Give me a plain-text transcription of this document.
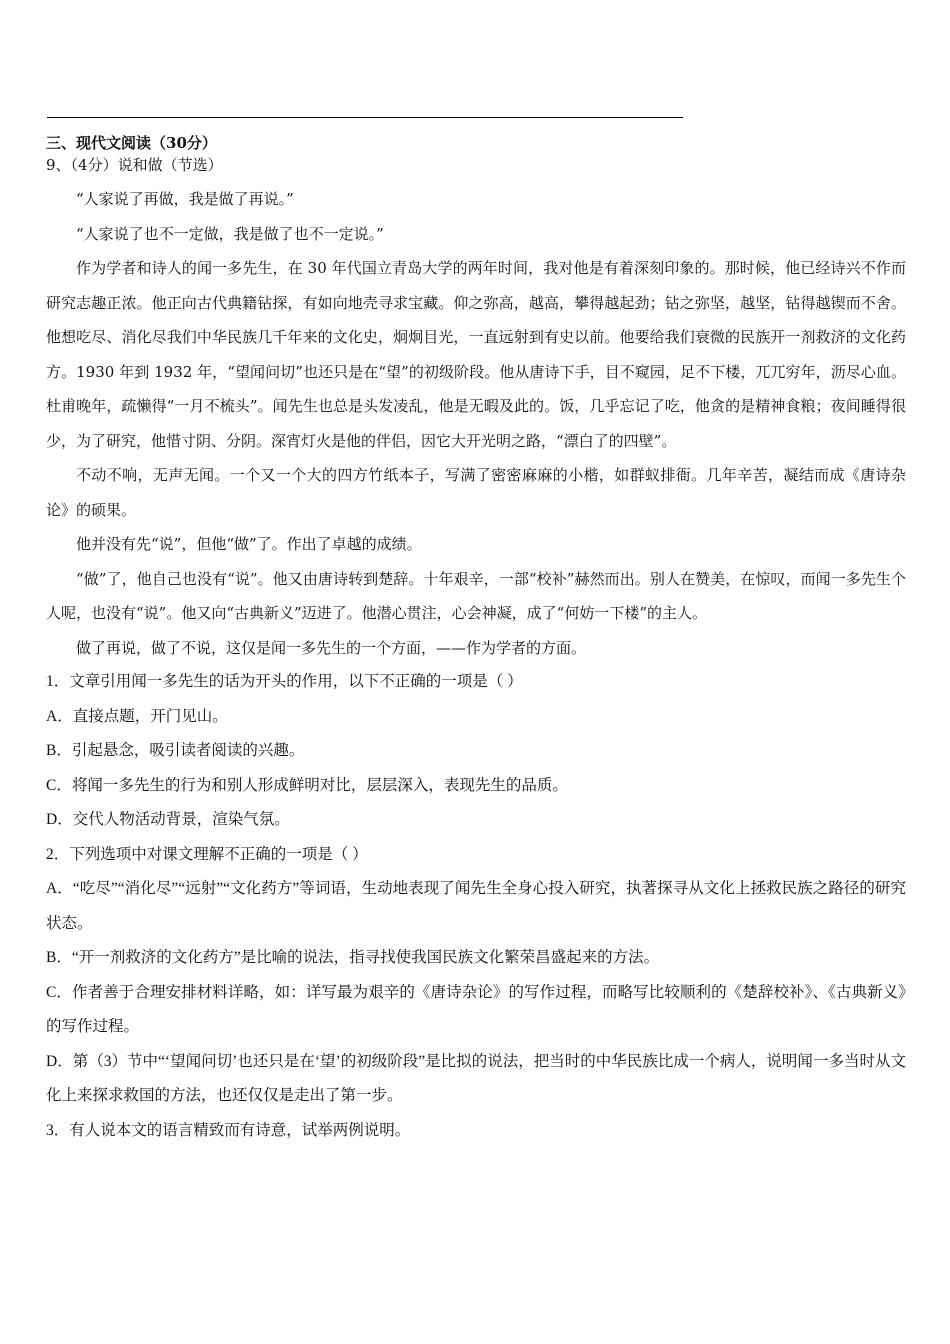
三、现代文阅读（30分）

9、（4分）说和做（节选）

“人家说了再做，我是做了再说。”

“人家说了也不一定做，我是做了也不一定说。”

作为学者和诗人的闻一多先生，在 30 年代国立青岛大学的两年时间，我对他是有着深刻印象的。那时候，他已经诗兴不作而研究志趣正浓。他正向古代典籍钻探，有如向地壳寻求宝藏。仰之弥高，越高，攀得越起劲；钻之弥坚，越坚，钻得越锲而不舍。他想吃尽、消化尽我们中华民族几千年来的文化史，炯炯目光，一直远射到有史以前。他要给我们衰微的民族开一剂救济的文化药方。1930 年到 1932 年，“望闻问切”也还只是在“望”的初级阶段。他从唐诗下手，目不窥园，足不下楼，兀兀穷年，沥尽心血。杜甫晚年，疏懒得“一月不梳头”。闻先生也总是头发凌乱，他是无暇及此的。饭，几乎忘记了吃，他贪的是精神食粮；夜间睡得很少，为了研究，他惜寸阴、分阴。深宵灯火是他的伴侣，因它大开光明之路，“漂白了的四壁”。

不动不响，无声无闻。一个又一个大的四方竹纸本子，写满了密密麻麻的小楷，如群蚁排衙。几年辛苦，凝结而成《唐诗杂论》的硕果。

他并没有先“说”，但他“做”了。作出了卓越的成绩。

“做”了，他自己也没有“说”。他又由唐诗转到楚辞。十年艰辛，一部“校补”赫然而出。别人在赞美，在惊叹，而闻一多先生个人呢，也没有“说”。他又向“古典新义”迈进了。他潜心贯注，心会神凝，成了“何妨一下楼”的主人。

做了再说，做了不说，这仅是闻一多先生的一个方面，——作为学者的方面。

1．文章引用闻一多先生的话为开头的作用，以下不正确的一项是（ ）

A．直接点题，开门见山。

B．引起悬念，吸引读者阅读的兴趣。

C．将闻一多先生的行为和别人形成鲜明对比，层层深入，表现先生的品质。

D．交代人物活动背景，渲染气氛。

2．下列选项中对课文理解不正确的一项是（ ）

A．“吃尽”“消化尽”“远射”“文化药方”等词语，生动地表现了闻先生全身心投入研究，执著探寻从文化上拯救民族之路径的研究状态。

B．“开一剂救济的文化药方”是比喻的说法，指寻找使我国民族文化繁荣昌盛起来的方法。

C．作者善于合理安排材料详略，如：详写最为艰辛的《唐诗杂论》的写作过程，而略写比较顺利的《楚辞校补》、《古典新义》的写作过程。

D．第（3）节中“‘望闻问切’也还只是在‘望’的初级阶段”是比拟的说法，把当时的中华民族比成一个病人，说明闻一多当时从文化上来探求救国的方法，也还仅仅是走出了第一步。

3．有人说本文的语言精致而有诗意，试举两例说明。
